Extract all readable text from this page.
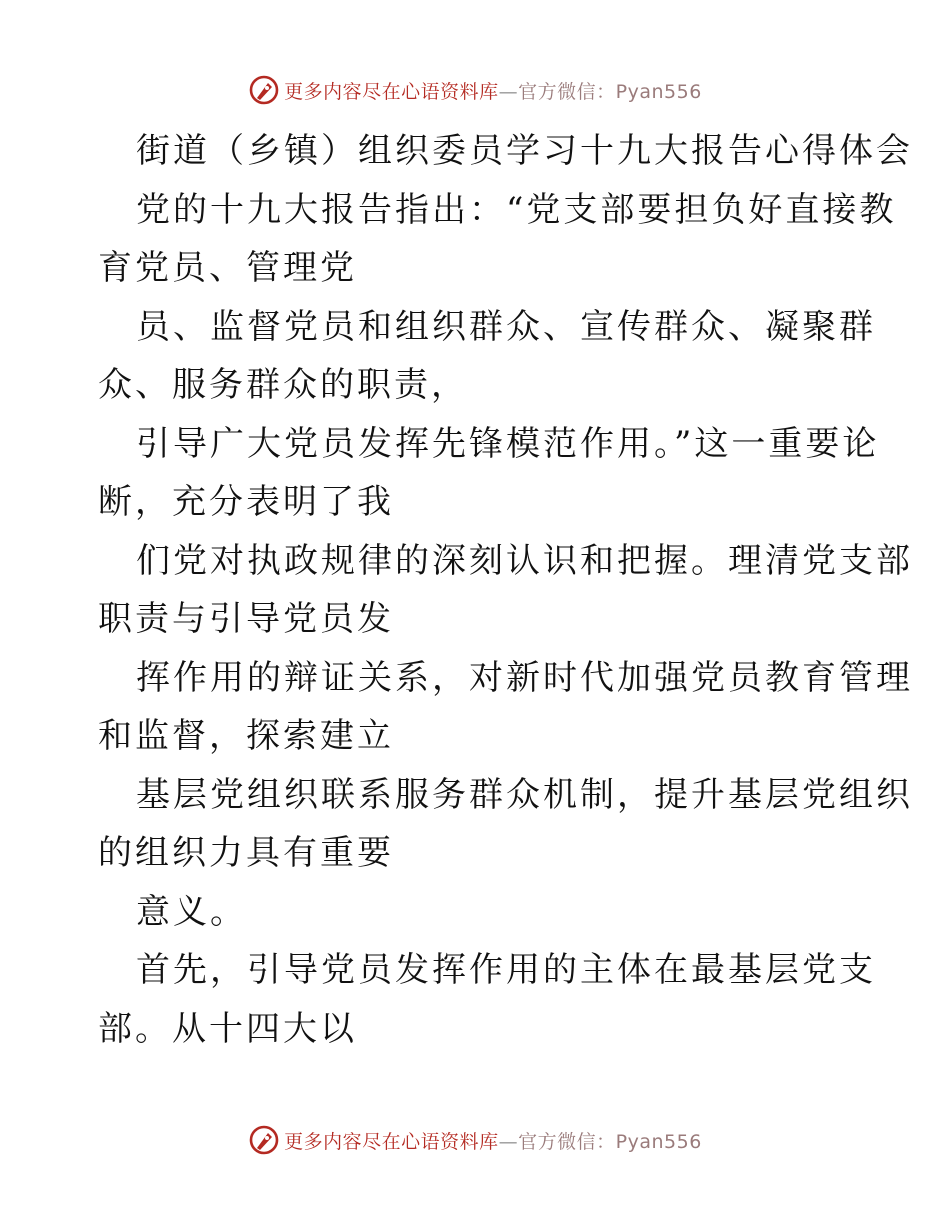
更多内容尽在心语资料库—官方微信：Pyan556
街道（乡镇）组织委员学习十九大报告心得体会
党的十九大报告指出：“党支部要担负好直接教
育党员、管理党
员、监督党员和组织群众、宣传群众、凝聚群
众、服务群众的职责，
引导广大党员发挥先锋模范作用。”这一重要论
断，充分表明了我
们党对执政规律的深刻认识和把握。理清党支部
职责与引导党员发
挥作用的辩证关系，对新时代加强党员教育管理
和监督，探索建立
基层党组织联系服务群众机制，提升基层党组织
的组织力具有重要
意义。
首先，引导党员发挥作用的主体在最基层党支
部。从十四大以
更多内容尽在心语资料库—官方微信：Pyan556
